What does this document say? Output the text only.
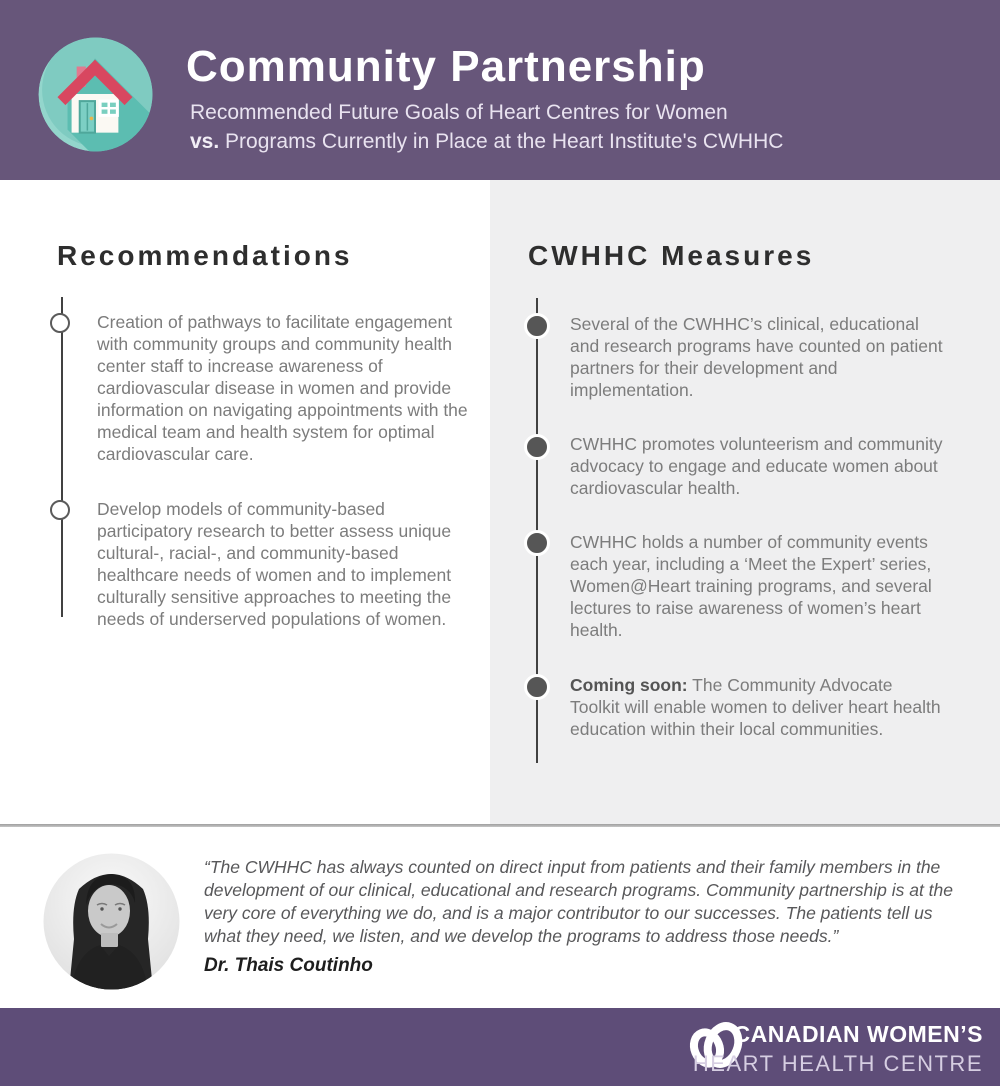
Community Partnership
Recommended Future Goals of Heart Centres for Women
vs. Programs Currently in Place at the Heart Institute's CWHHC
Recommendations	CWHHC Measures
Creation of pathways to facilitate engagement with community groups and community health center staff to increase awareness of cardiovascular disease in women and provide information on navigating appointments with the medical team and health system for optimal cardiovascular care.
Develop models of community-based participatory research to better assess unique cultural-, racial-, and community-based healthcare needs of women and to implement culturally sensitive approaches to meeting the needs of underserved populations of women.
Several of the CWHHC’s clinical, educational and research programs have counted on patient partners for their development and implementation.
CWHHC promotes volunteerism and community advocacy to engage and educate women about cardiovascular health.
CWHHC holds a number of community events each year, including a ‘Meet the Expert’ series, Women@Heart training programs, and several lectures to raise awareness of women’s heart health.
Coming soon: The Community Advocate Toolkit will enable women to deliver heart health education within their local communities.
“The CWHHC has always counted on direct input from patients and their family members in the development of our clinical, educational and research programs. Community partnership is at the very core of everything we do, and is a major contributor to our successes. The patients tell us what they need, we listen, and we develop the programs to address those needs.”
Dr. Thais Coutinho
CANADIAN WOMEN’S
HEART HEALTH CENTRE
